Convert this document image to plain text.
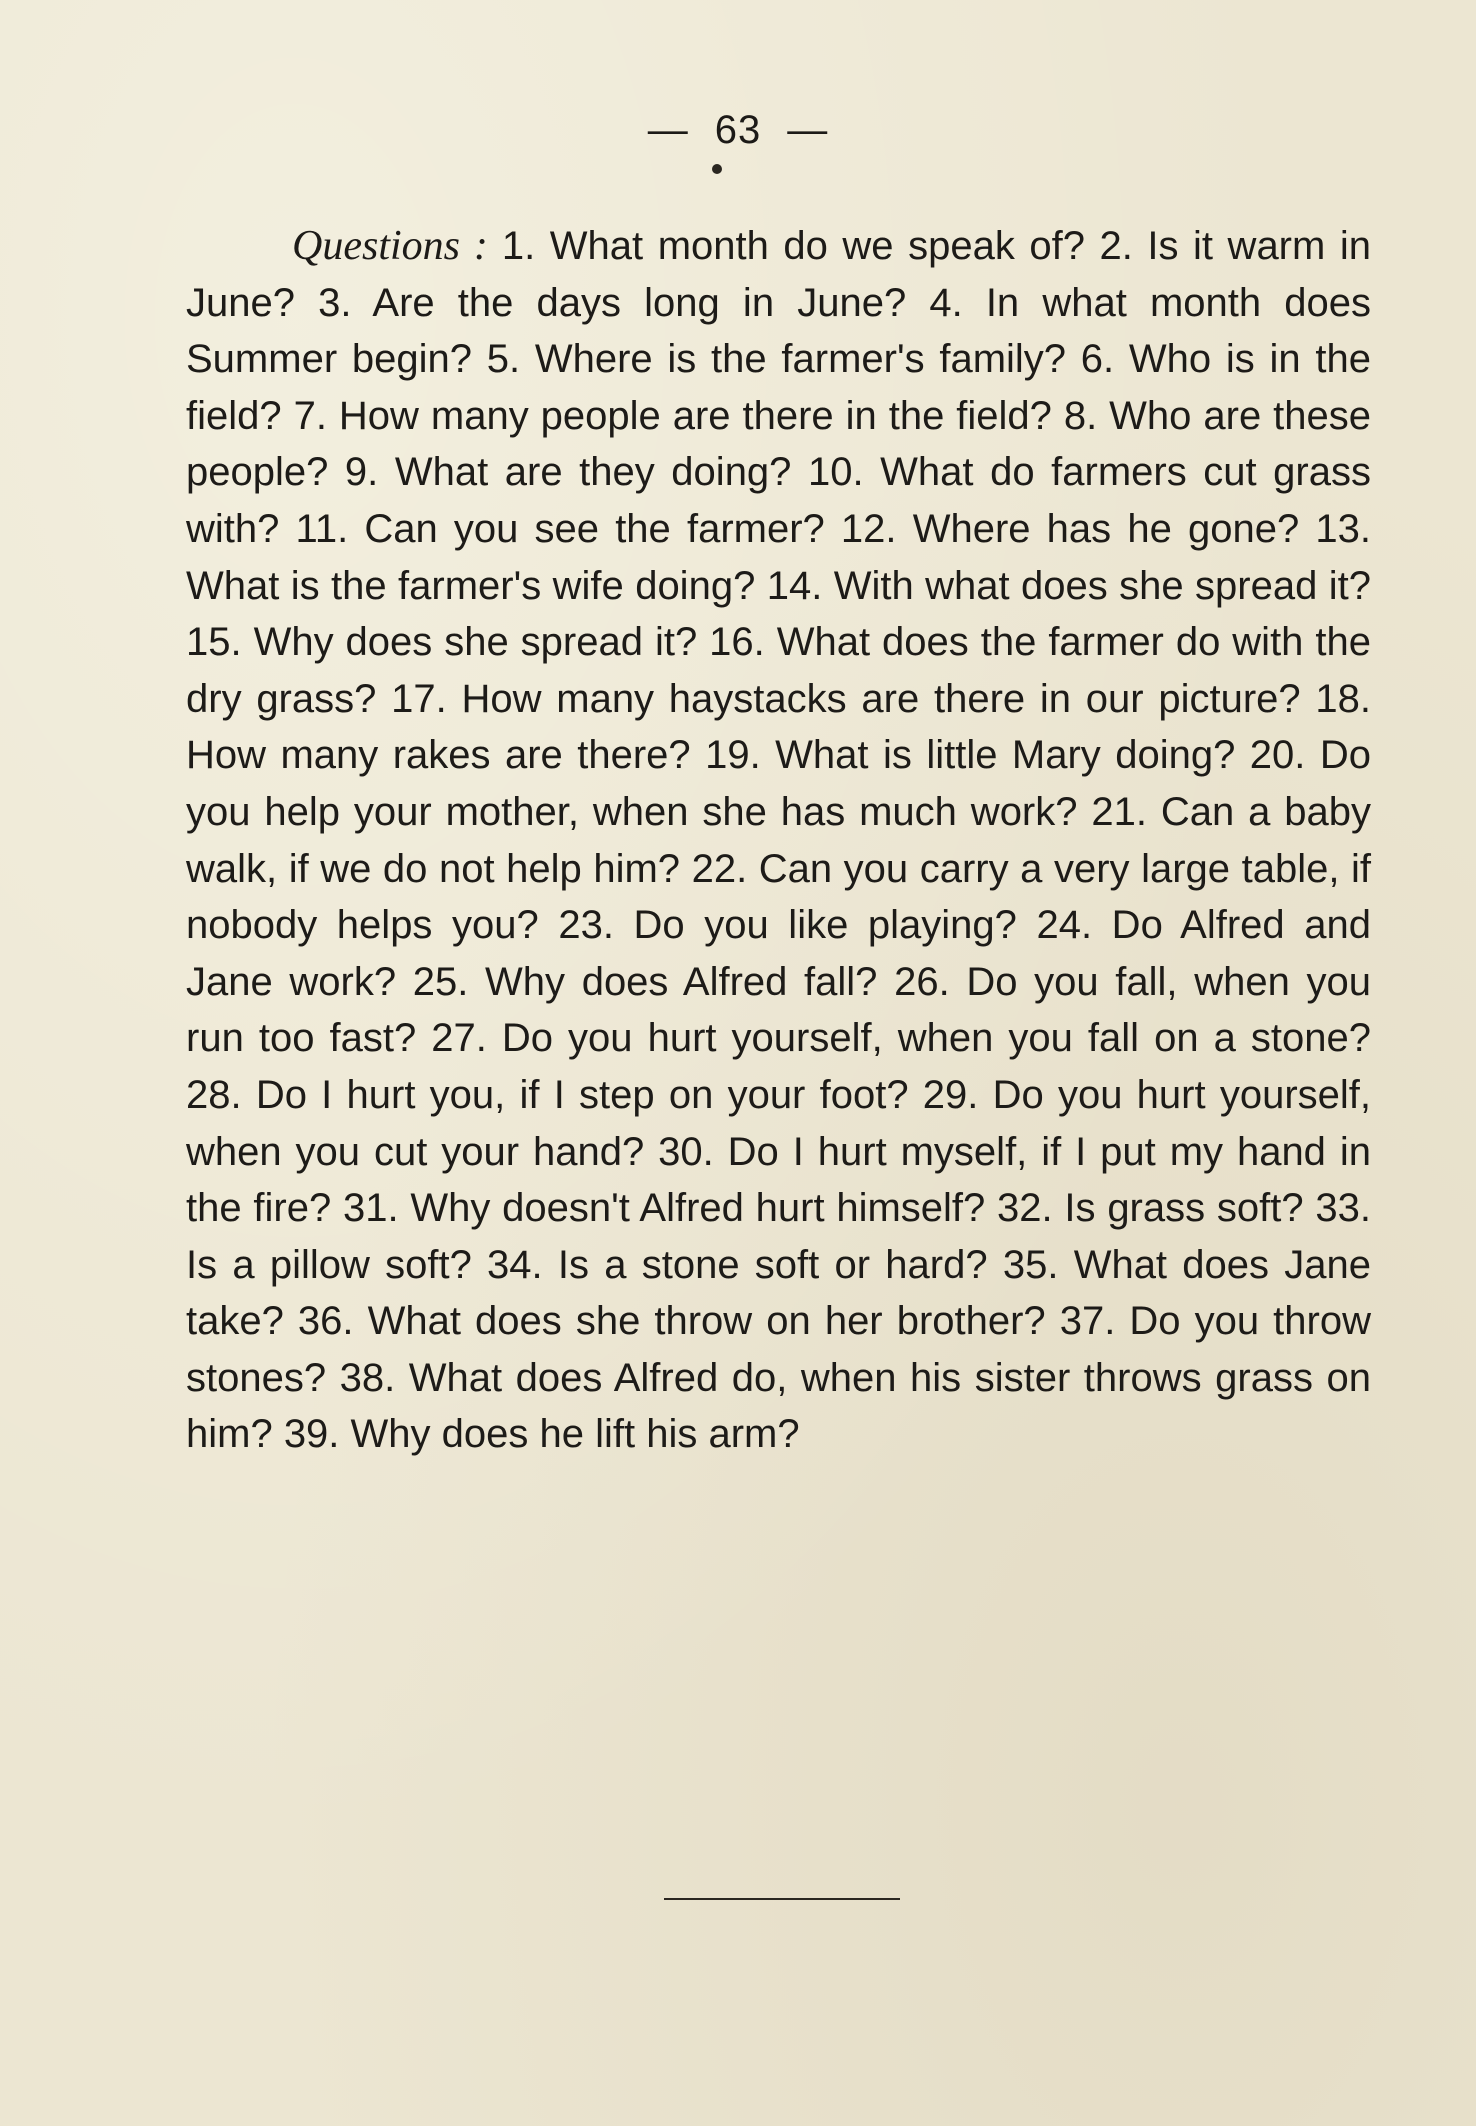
— 63 —

Questions : 1. What month do we speak of? 2. Is it warm in June? 3. Are the days long in June? 4. In what month does Summer begin? 5. Where is the farmer's family? 6. Who is in the field? 7. How many people are there in the field? 8. Who are these people? 9. What are they doing? 10. What do farmers cut grass with? 11. Can you see the farmer? 12. Where has he gone? 13. What is the farmer's wife doing? 14. With what does she spread it? 15. Why does she spread it? 16. What does the farmer do with the dry grass? 17. How many haystacks are there in our picture? 18. How many rakes are there? 19. What is little Mary doing? 20. Do you help your mother, when she has much work? 21. Can a baby walk, if we do not help him? 22. Can you carry a very large table, if nobody helps you? 23. Do you like playing? 24. Do Alfred and Jane work? 25. Why does Alfred fall? 26. Do you fall, when you run too fast? 27. Do you hurt yourself, when you fall on a stone? 28. Do I hurt you, if I step on your foot? 29. Do you hurt yourself, when you cut your hand? 30. Do I hurt myself, if I put my hand in the fire? 31. Why doesn't Alfred hurt himself? 32. Is grass soft? 33. Is a pillow soft? 34. Is a stone soft or hard? 35. What does Jane take? 36. What does she throw on her brother? 37. Do you throw stones? 38. What does Alfred do, when his sister throws grass on him? 39. Why does he lift his arm?
